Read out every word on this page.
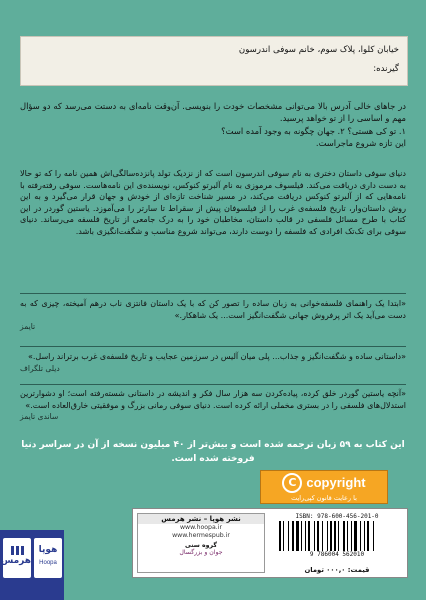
خیابان کلوا، پلاک سوم، خانم سوفی اندرسون
گیرنده:
در جاهای خالی آدرس بالا می‌توانی مشخصات خودت را بنویسی. آن‌وقت نامه‌ای به دستت می‌رسد که دو سؤال مهم و اساسی را از تو خواهد پرسید.
۱. تو کی هستی؟ ۲. جهان چگونه به وجود آمده است؟
این تازه شروع ماجراست.
دنیای سوفی داستان دختری به نام سوفی اندرسون است که از نزدیک تولد پانزده‌سالگی‌اش همین نامه را که تو حالا به دست داری دریافت می‌کند. فیلسوف مرموزی به نام آلبرتو کنوکس، نویسنده‌ی این نامه‌هاست. سوفی رفته‌رفته با نامه‌هایی که از آلبرتو کنوکس دریافت می‌کند، در مسیر شناخت تازه‌ای از خودش و جهان قرار می‌گیرد و به این روش داستان‌وار، تاریخ فلسفه‌ی غرب را از فیلسوفان پیش از سقراط تا سارتر را می‌آموزد. یاستین گوردر در این کتاب با طرح مسائل فلسفی در قالب داستان، مخاطبان خود را به درک جامعی از تاریخ فلسفه می‌رساند. دنیای سوفی برای تک‌تک افرادی که فلسفه را دوست دارند، می‌تواند شروع مناسب و شگفت‌انگیزی باشد.
«ابتدا یک راهنمای فلسفه‌خوانی به زبان ساده را تصور کن که با یک داستان فانتزی ناب درهم آمیخته، چیزی که به دست می‌آید یک اثر پرفروش جهانی شگفت‌انگیز است... یک شاهکار.»
تایمز
«داستانی ساده و شگفت‌انگیز و جذاب... پلی میان آلیس در سرزمین عجایب و تاریخ فلسفه‌ی غرب برتراند راسل.»
دیلی تلگراف
«آنچه یاستین گوردر خلق کرده، پیاده‌کردن سه هزار سال فکر و اندیشه در داستانی شسته‌رفته است؛ او دشوارترین استدلال‌های فلسفی را در بستری مخملی ارائه کرده است. دنیای سوفی رمانی بزرگ و موفقیتی خارق‌العاده است.»
ساندی تایمز
این کتاب به ۵۹ زبان ترجمه شده است و بیش‌تر از ۴۰ میلیون نسخه از آن در سراسر دنیا فروخته شده است.
C copyright
با رعایت قانون کپی‌رایت
نشر هوپا – نشر هرمس
www.hoopa.ir
www.hermespub.ir
گروه سنی
جوان و بزرگسال
ISBN: 978-600-456-201-0
9 786004 562010
قیمت: ۰۰۰‌,۰ تومان
هوپا
Hoopa
هرمس
